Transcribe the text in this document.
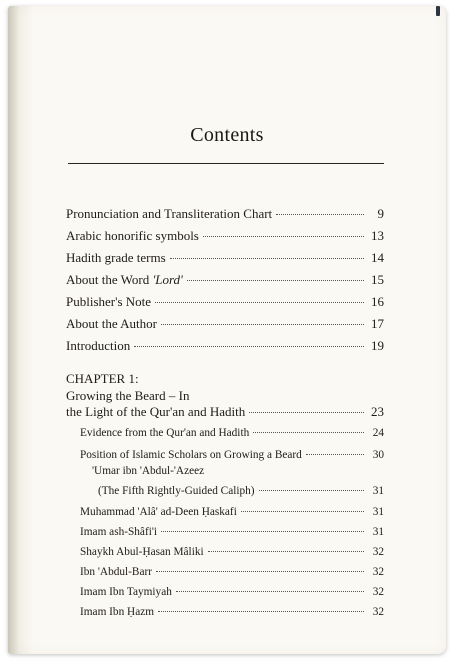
Contents
Pronunciation and Transliteration Chart	9
Arabic honorific symbols	13
Hadith grade terms	14
About the Word 'Lord'	15
Publisher's Note	16
About the Author	17
Introduction	19
CHAPTER 1:
Growing the Beard – In
the Light of the Qur'an and Hadith	23
Evidence from the Qur'an and Hadith	24
Position of Islamic Scholars on Growing a Beard	30
'Umar ibn 'Abdul-'Azeez
(The Fifth Rightly-Guided Caliph)	31
Muhammad 'Alâ' ad-Deen Ḥaskafi	31
Imam ash-Shâfi'i	31
Shaykh Abul-Ḥasan Mâliki	32
Ibn 'Abdul-Barr	32
Imam Ibn Taymiyah	32
Imam Ibn Ḥazm	32
